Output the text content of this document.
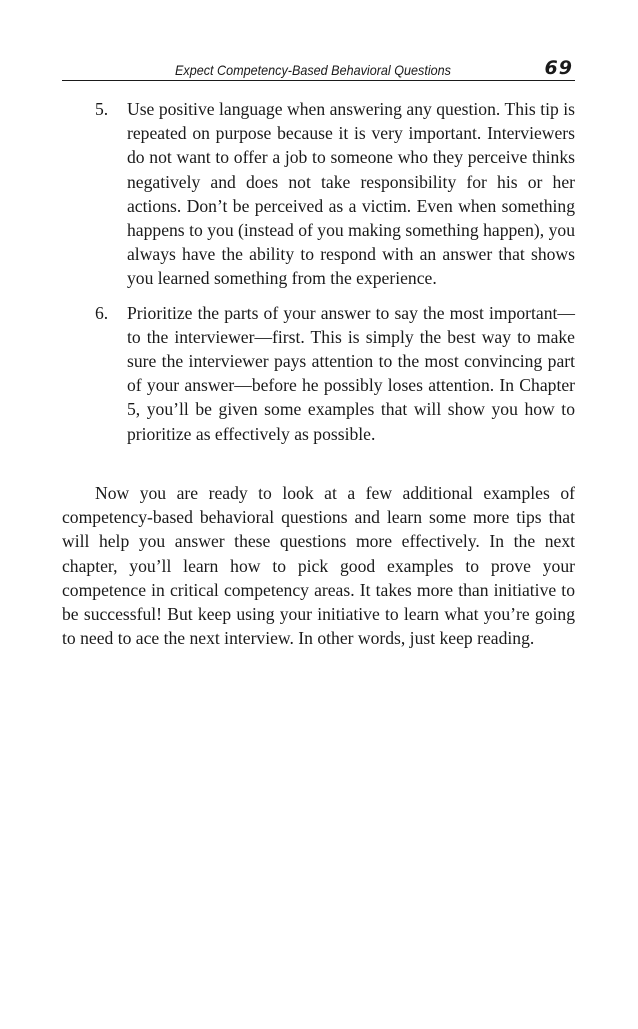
Expect Competency-Based Behavioral Questions	69
5. Use positive language when answering any question. This tip is repeated on purpose because it is very important. Interviewers do not want to offer a job to someone who they perceive thinks negatively and does not take responsibility for his or her actions. Don’t be perceived as a victim. Even when something happens to you (instead of you making something happen), you always have the ability to respond with an answer that shows you learned something from the experience.
6. Prioritize the parts of your answer to say the most important—to the interviewer—first. This is simply the best way to make sure the interviewer pays attention to the most convincing part of your answer—before he possibly loses attention. In Chapter 5, you’ll be given some examples that will show you how to prioritize as effectively as possible.

Now you are ready to look at a few additional examples of competency-based behavioral questions and learn some more tips that will help you answer these questions more effectively. In the next chapter, you’ll learn how to pick good examples to prove your competence in critical competency areas. It takes more than initiative to be successful! But keep using your initiative to learn what you’re going to need to ace the next interview. In other words, just keep reading.
